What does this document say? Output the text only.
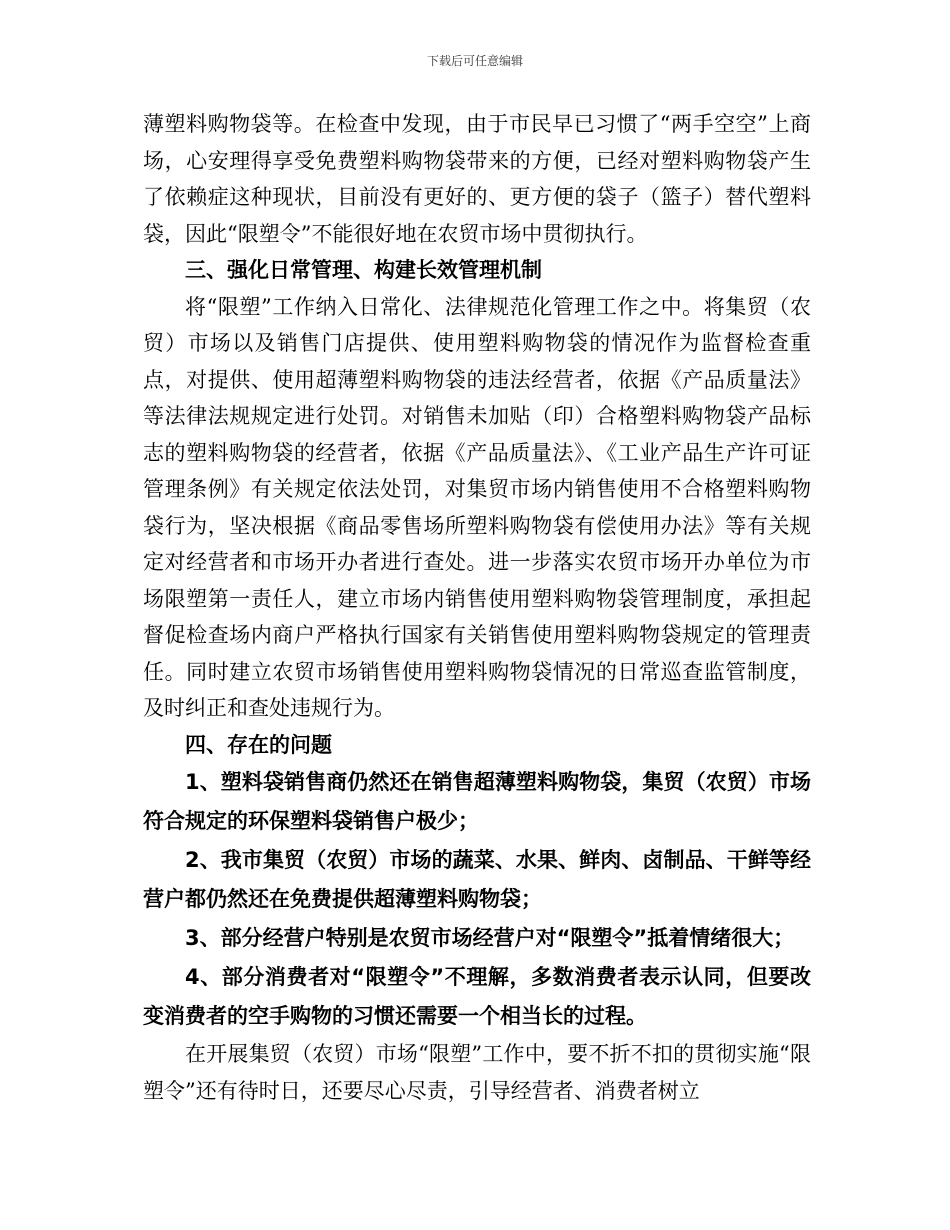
下载后可任意编辑

薄塑料购物袋等。在检查中发现，由于市民早已习惯了“两手空空”上商场，心安理得享受免费塑料购物袋带来的方便，已经对塑料购物袋产生了依赖症这种现状，目前没有更好的、更方便的袋子（篮子）替代塑料袋，因此“限塑令”不能很好地在农贸市场中贯彻执行。

三、强化日常管理、构建长效管理机制

将“限塑”工作纳入日常化、法律规范化管理工作之中。将集贸（农贸）市场以及销售门店提供、使用塑料购物袋的情况作为监督检查重点，对提供、使用超薄塑料购物袋的违法经营者，依据《产品质量法》等法律法规规定进行处罚。对销售未加贴（印）合格塑料购物袋产品标志的塑料购物袋的经营者，依据《产品质量法》、《工业产品生产许可证管理条例》有关规定依法处罚，对集贸市场内销售使用不合格塑料购物袋行为，坚决根据《商品零售场所塑料购物袋有偿使用办法》等有关规定对经营者和市场开办者进行查处。进一步落实农贸市场开办单位为市场限塑第一责任人，建立市场内销售使用塑料购物袋管理制度，承担起督促检查场内商户严格执行国家有关销售使用塑料购物袋规定的管理责任。同时建立农贸市场销售使用塑料购物袋情况的日常巡查监管制度，及时纠正和查处违规行为。

四、存在的问题

1、塑料袋销售商仍然还在销售超薄塑料购物袋，集贸（农贸）市场符合规定的环保塑料袋销售户极少；

2、我市集贸（农贸）市场的蔬菜、水果、鲜肉、卤制品、干鲜等经营户都仍然还在免费提供超薄塑料购物袋；

3、部分经营户特别是农贸市场经营户对“限塑令”抵着情绪很大；

4、部分消费者对“限塑令”不理解，多数消费者表示认同，但要改变消费者的空手购物的习惯还需要一个相当长的过程。

在开展集贸（农贸）市场“限塑”工作中，要不折不扣的贯彻实施“限塑令”还有待时日，还要尽心尽责，引导经营者、消费者树立
